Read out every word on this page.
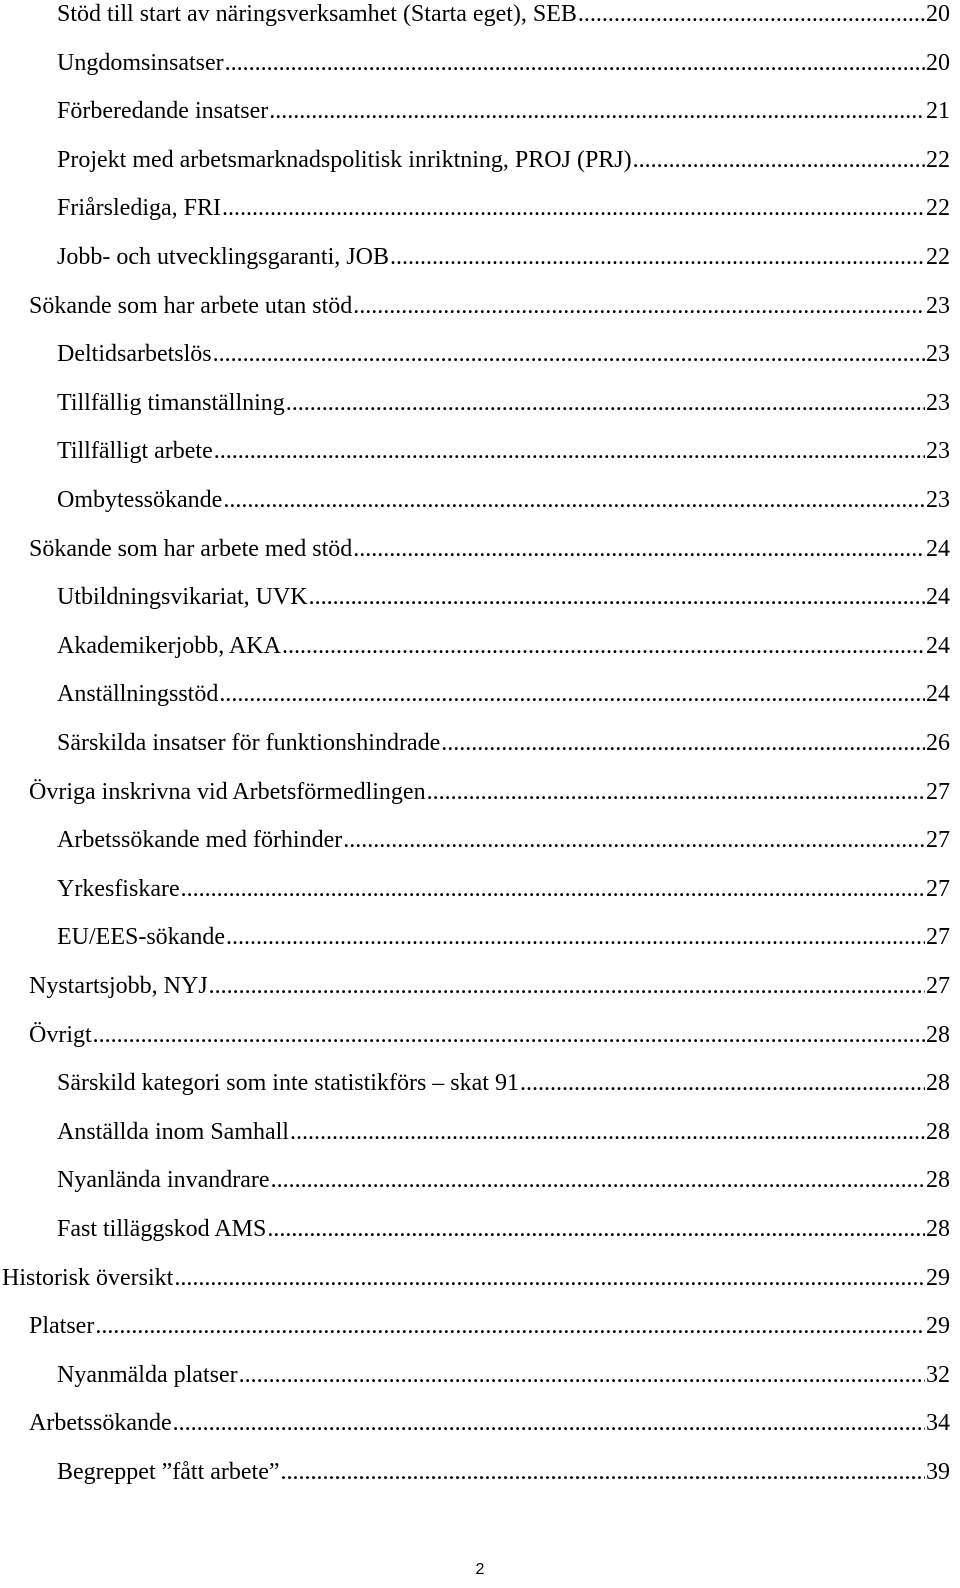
Stöd till start av näringsverksamhet (Starta eget), SEB .....	20
Ungdomsinsatser .....	20
Förberedande insatser .....	21
Projekt med arbetsmarknadspolitisk inriktning, PROJ (PRJ) .....	22
Friårslediga, FRI .....	22
Jobb- och utvecklingsgaranti, JOB .....	22
Sökande som har arbete utan stöd .....	23
Deltidsarbetslös .....	23
Tillfällig timanställning .....	23
Tillfälligt arbete .....	23
Ombytessökande .....	23
Sökande som har arbete med stöd .....	24
Utbildningsvikariat, UVK .....	24
Akademikerjobb, AKA .....	24
Anställningsstöd .....	24
Särskilda insatser för funktionshindrade .....	26
Övriga inskrivna vid Arbetsförmedlingen .....	27
Arbetssökande med förhinder .....	27
Yrkesfiskare .....	27
EU/EES-sökande .....	27
Nystartsjobb, NYJ .....	27
Övrigt .....	28
Särskild kategori som inte statistikförs – skat 91 .....	28
Anställda inom Samhall .....	28
Nyanlända invandrare .....	28
Fast tilläggskod AMS .....	28
Historisk översikt .....	29
Platser .....	29
Nyanmälda platser .....	32
Arbetssökande .....	34
Begreppet ”fått arbete” .....	39
2
